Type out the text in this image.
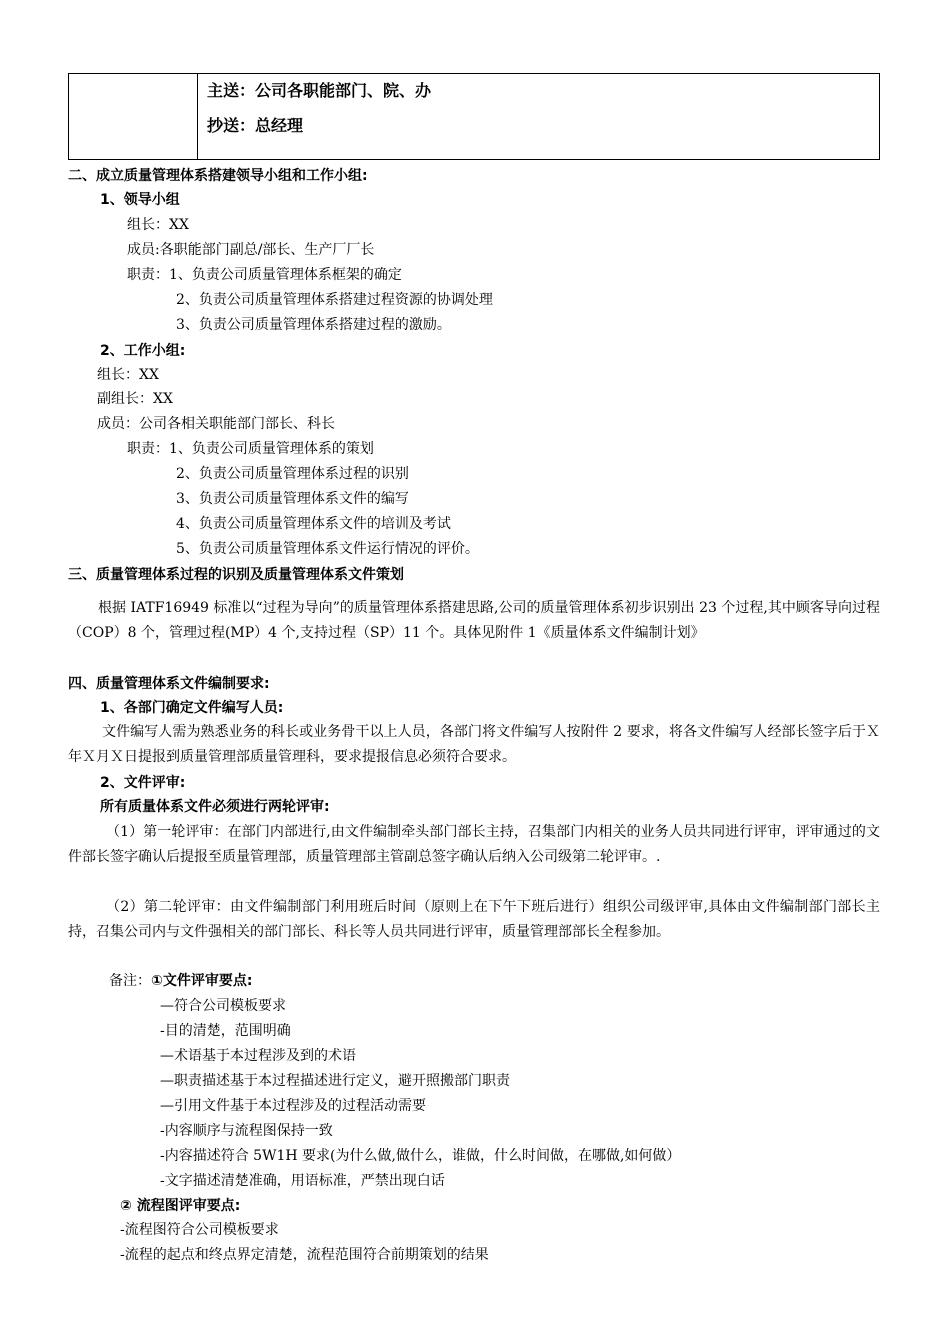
主送：公司各职能部门、院、办
抄送：总经理
二、成立质量管理体系搭建领导小组和工作小组:
1、领导小组
组长：XX
成员:各职能部门副总/部长、生产厂厂长
职责：1、负责公司质量管理体系框架的确定
2、负责公司质量管理体系搭建过程资源的协调处理
3、负责公司质量管理体系搭建过程的激励。
2、工作小组:
组长：XX
副组长：XX
成员：公司各相关职能部门部长、科长
职责：1、负责公司质量管理体系的策划
2、负责公司质量管理体系过程的识别
3、负责公司质量管理体系文件的编写
4、负责公司质量管理体系文件的培训及考试
5、负责公司质量管理体系文件运行情况的评价。
三、质量管理体系过程的识别及质量管理体系文件策划
根据 IATF16949 标准以“过程为导向”的质量管理体系搭建思路,公司的质量管理体系初步识别出 23 个过程,其中顾客导向过程（COP）8 个，管理过程(MP）4 个,支持过程（SP）11 个。具体见附件 1《质量体系文件编制计划》
四、质量管理体系文件编制要求:
1、各部门确定文件编写人员:
文件编写人需为熟悉业务的科长或业务骨干以上人员，各部门将文件编写人按附件 2 要求，将各文件编写人经部长签字后于Ｘ年Ｘ月Ｘ日提报到质量管理部质量管理科，要求提报信息必须符合要求。
2、文件评审:
所有质量体系文件必须进行两轮评审:
（1）第一轮评审：在部门内部进行,由文件编制牵头部门部长主持，召集部门内相关的业务人员共同进行评审，评审通过的文件部长签字确认后提报至质量管理部，质量管理部主管副总签字确认后纳入公司级第二轮评审。.
（2）第二轮评审：由文件编制部门利用班后时间（原则上在下午下班后进行）组织公司级评审,具体由文件编制部门部长主持，召集公司内与文件强相关的部门部长、科长等人员共同进行评审，质量管理部部长全程参加。
备注：①文件评审要点:
—符合公司模板要求
-目的清楚，范围明确
—术语基于本过程涉及到的术语
—职责描述基于本过程描述进行定义，避开照搬部门职责
—引用文件基于本过程涉及的过程活动需要
-内容顺序与流程图保持一致
-内容描述符合 5W1H 要求(为什么做,做什么，谁做，什么时间做，在哪做,如何做）
-文字描述清楚准确，用语标准，严禁出现白话
② 流程图评审要点:
-流程图符合公司模板要求
-流程的起点和终点界定清楚，流程范围符合前期策划的结果
